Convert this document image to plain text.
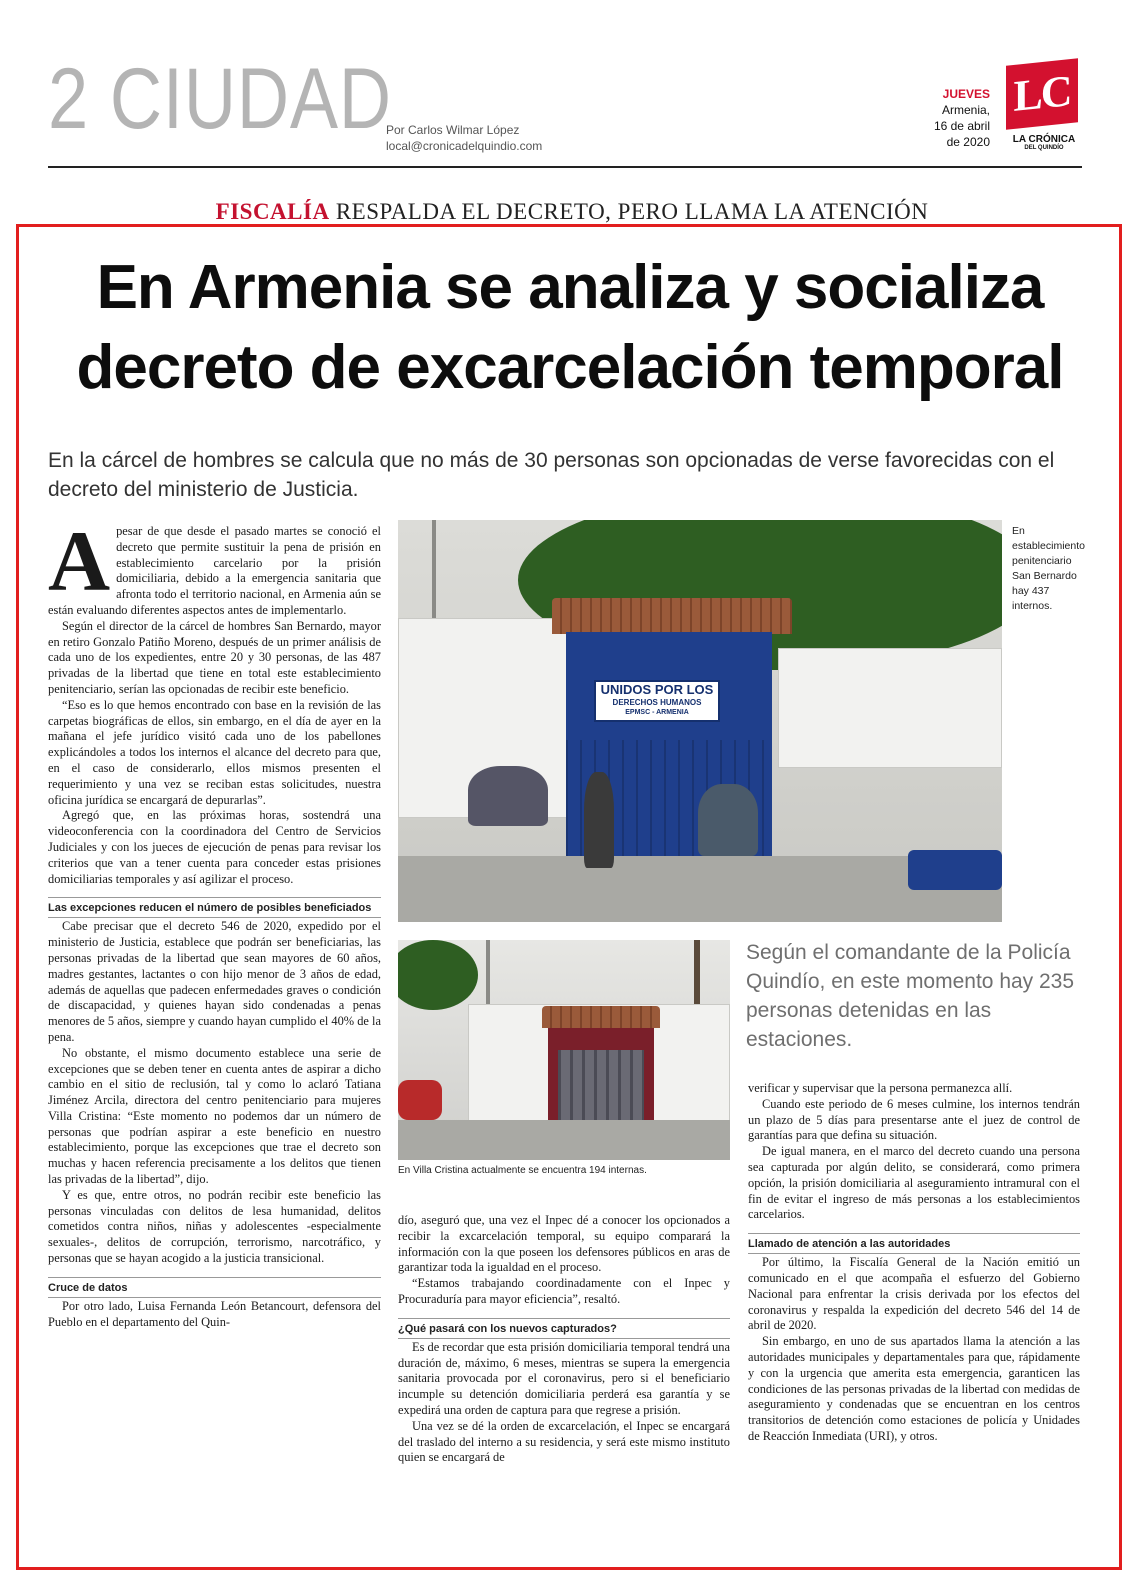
2 CIUDAD
Por Carlos Wilmar López
local@cronicadelquindio.com
JUEVES
Armenia,
16 de abril
de 2020
LC
LA CRÓNICA
DEL QUINDÍO
FISCALÍA RESPALDA EL DECRETO, PERO LLAMA LA ATENCIÓN
En Armenia se analiza y socializa
decreto de excarcelación temporal
En la cárcel de hombres se calcula que no más de 30 personas son opcionadas de verse favorecidas con el decreto del ministerio de Justicia.

Apesar de que desde el pasado martes se conoció el decreto que permite sustituir la pena de prisión en establecimiento carcelario por la prisión domiciliaria, debido a la emergencia sanitaria que afronta todo el territorio nacional, en Armenia aún se están evaluando diferentes aspectos antes de implementarlo.

Según el director de la cárcel de hombres San Bernardo, mayor en retiro Gonzalo Patiño Moreno, después de un primer análisis de cada uno de los expedientes, entre 20 y 30 personas, de las 487 privadas de la libertad que tiene en total este establecimiento penitenciario, serían las opcionadas de recibir este beneficio.

“Eso es lo que hemos encontrado con base en la revisión de las carpetas biográficas de ellos, sin embargo, en el día de ayer en la mañana el jefe jurídico visitó cada uno de los pabellones explicándoles a todos los internos el alcance del decreto para que, en el caso de considerarlo, ellos mismos presenten el requerimiento y una vez se reciban estas solicitudes, nuestra oficina jurídica se encargará de depurarlas”.

Agregó que, en las próximas horas, sostendrá una videoconferencia con la coordinadora del Centro de Servicios Judiciales y con los jueces de ejecución de penas para revisar los criterios que van a tener cuenta para conceder estas prisiones domiciliarias temporales y así agilizar el proceso.

Las excepciones reducen el número de posibles beneficiados

Cabe precisar que el decreto 546 de 2020, expedido por el ministerio de Justicia, establece que podrán ser beneficiarias, las personas privadas de la libertad que sean mayores de 60 años, madres gestantes, lactantes o con hijo menor de 3 años de edad, además de aquellas que padecen enfermedades graves o condición de discapacidad, y quienes hayan sido condenadas a penas menores de 5 años, siempre y cuando hayan cumplido el 40% de la pena.

No obstante, el mismo documento establece una serie de excepciones que se deben tener en cuenta antes de aspirar a dicho cambio en el sitio de reclusión, tal y como lo aclaró Tatiana Jiménez Arcila, directora del centro penitenciario para mujeres Villa Cristina: “Este momento no podemos dar un número de personas que podrían aspirar a este beneficio en nuestro establecimiento, porque las excepciones que trae el decreto son muchas y hacen referencia precisamente a los delitos que tienen las privadas de la libertad”, dijo.

Y es que, entre otros, no podrán recibir este beneficio las personas vinculadas con delitos de lesa humanidad, delitos cometidos contra niños, niñas y adolescentes -especialmente sexuales-, delitos de corrupción, terrorismo, narcotráfico, y personas que se hayan acogido a la justicia transicional.

Cruce de datos

Por otro lado, Luisa Fernanda León Betancourt, defensora del Pueblo en el departamento del Quin-

UNIDOS POR LOS
DERECHOS HUMANOS
EPMSC - ARMENIA
En establecimiento penitenciario San Bernardo hay 437 internos.
En Villa Cristina actualmente se encuentra 194 internas.
Según el comandante de la Policía Quindío, en este momento hay 235 personas detenidas en las estaciones.

dío, aseguró que, una vez el Inpec dé a conocer los opcionados a recibir la excarcelación temporal, su equipo comparará la información con la que poseen los defensores públicos en aras de garantizar toda la igualdad en el proceso.

“Estamos trabajando coordinadamente con el Inpec y Procuraduría para mayor eficiencia”, resaltó.

¿Qué pasará con los nuevos capturados?

Es de recordar que esta prisión domiciliaria temporal tendrá una duración de, máximo, 6 meses, mientras se supera la emergencia sanitaria provocada por el coronavirus, pero si el beneficiario incumple su detención domiciliaria perderá esa garantía y se expedirá una orden de captura para que regrese a prisión.

Una vez se dé la orden de excarcelación, el Inpec se encargará del traslado del interno a su residencia, y será este mismo instituto quien se encargará de

verificar y supervisar que la persona permanezca allí.

Cuando este periodo de 6 meses culmine, los internos tendrán un plazo de 5 días para presentarse ante el juez de control de garantías para que defina su situación.

De igual manera, en el marco del decreto cuando una persona sea capturada por algún delito, se considerará, como primera opción, la prisión domiciliaria al aseguramiento intramural con el fin de evitar el ingreso de más personas a los establecimientos carcelarios.

Llamado de atención a las autoridades

Por último, la Fiscalía General de la Nación emitió un comunicado en el que acompaña el esfuerzo del Gobierno Nacional para enfrentar la crisis derivada por los efectos del coronavirus y respalda la expedición del decreto 546 del 14 de abril de 2020.

Sin embargo, en uno de sus apartados llama la atención a las autoridades municipales y departamentales para que, rápidamente y con la urgencia que amerita esta emergencia, garanticen las condiciones de las personas privadas de la libertad con medidas de aseguramiento y condenadas que se encuentran en los centros transitorios de detención como estaciones de policía y Unidades de Reacción Inmediata (URI), y otros.
